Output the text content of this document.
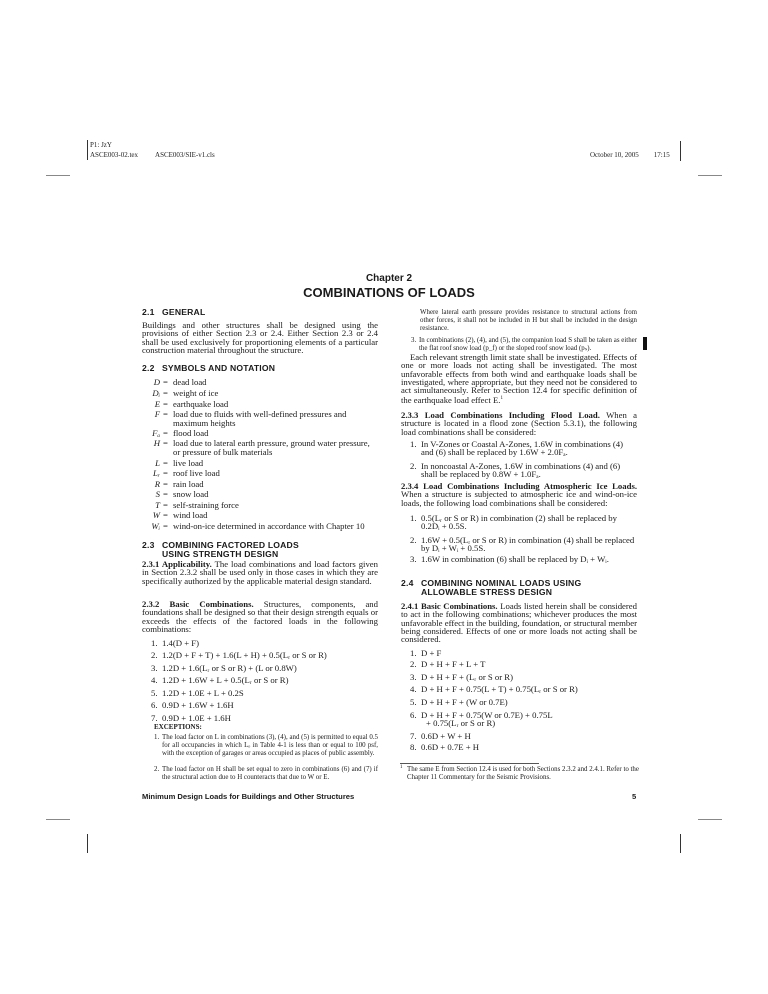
P1: JzY
ASCE003-02.tex ASCE003/SIE-v1.cls	October 10, 2005 17:15
Chapter 2
COMBINATIONS OF LOADS
2.1 GENERAL
Buildings and other structures shall be designed using the provisions of either Section 2.3 or 2.4. Either Section 2.3 or 2.4 shall be used exclusively for proportioning elements of a particular construction material throughout the structure.
2.2 SYMBOLS AND NOTATION
D = dead load
Dᵢ = weight of ice
E = earthquake load
F = load due to fluids with well-defined pressures and maximum heights
Fₐ = flood load
H = load due to lateral earth pressure, ground water pressure, or pressure of bulk materials
L = live load
Lᵣ = roof live load
R = rain load
S = snow load
T = self-straining force
W = wind load
Wᵢ = wind-on-ice determined in accordance with Chapter 10
2.3 COMBINING FACTORED LOADS
USING STRENGTH DESIGN
2.3.1 Applicability. The load combinations and load factors given in Section 2.3.2 shall be used only in those cases in which they are specifically authorized by the applicable material design standard.
2.3.2 Basic Combinations. Structures, components, and foundations shall be designed so that their design strength equals or exceeds the effects of the factored loads in the following combinations:
1. 1.4(D + F)
2. 1.2(D + F + T) + 1.6(L + H) + 0.5(Lᵣ or S or R)
3. 1.2D + 1.6(Lᵣ or S or R) + (L or 0.8W)
4. 1.2D + 1.6W + L + 0.5(Lᵣ or S or R)
5. 1.2D + 1.0E + L + 0.2S
6. 0.9D + 1.6W + 1.6H
7. 0.9D + 1.0E + 1.6H
EXCEPTIONS:
1. The load factor on L in combinations (3), (4), and (5) is permitted to equal 0.5 for all occupancies in which Lₒ in Table 4-1 is less than or equal to 100 psf, with the exception of garages or areas occupied as places of public assembly.
2. The load factor on H shall be set equal to zero in combinations (6) and (7) if the structural action due to H counteracts that due to W or E.
Minimum Design Loads for Buildings and Other Structures
Where lateral earth pressure provides resistance to structural actions from other forces, it shall not be included in H but shall be included in the design resistance.
3. In combinations (2), (4), and (5), the companion load S shall be taken as either the flat roof snow load (p_f) or the sloped roof snow load (pₛ).
Each relevant strength limit state shall be investigated. Effects of one or more loads not acting shall be investigated. The most unfavorable effects from both wind and earthquake loads shall be investigated, where appropriate, but they need not be considered to act simultaneously. Refer to Section 12.4 for specific definition of the earthquake load effect E.$^1$
2.3.3 Load Combinations Including Flood Load. When a structure is located in a flood zone (Section 5.3.1), the following load combinations shall be considered:
1. In V-Zones or Coastal A-Zones, 1.6W in combinations (4) and (6) shall be replaced by 1.6W + 2.0Fₐ.
2. In noncoastal A-Zones, 1.6W in combinations (4) and (6) shall be replaced by 0.8W + 1.0Fₐ.
2.3.4 Load Combinations Including Atmospheric Ice Loads. When a structure is subjected to atmospheric ice and wind-on-ice loads, the following load combinations shall be considered:
1. 0.5(Lᵣ or S or R) in combination (2) shall be replaced by 0.2Dᵢ + 0.5S.
2. 1.6W + 0.5(Lᵣ or S or R) in combination (4) shall be replaced by Dᵢ + Wᵢ + 0.5S.
3. 1.6W in combination (6) shall be replaced by Dᵢ + Wᵢ.
2.4 COMBINING NOMINAL LOADS USING
ALLOWABLE STRESS DESIGN
2.4.1 Basic Combinations. Loads listed herein shall be considered to act in the following combinations; whichever produces the most unfavorable effect in the building, foundation, or structural member being considered. Effects of one or more loads not acting shall be considered.
1. D + F
2. D + H + F + L + T
3. D + H + F + (Lᵣ or S or R)
4. D + H + F + 0.75(L + T) + 0.75(Lᵣ or S or R)
5. D + H + F + (W or 0.7E)
6. D + H + F + 0.75(W or 0.7E) + 0.75L
+ 0.75(Lᵣ or S or R)
7. 0.6D + W + H
8. 0.6D + 0.7E + H
1 The same E from Section 12.4 is used for both Sections 2.3.2 and 2.4.1. Refer to the Chapter 11 Commentary for the Seismic Provisions.
5
